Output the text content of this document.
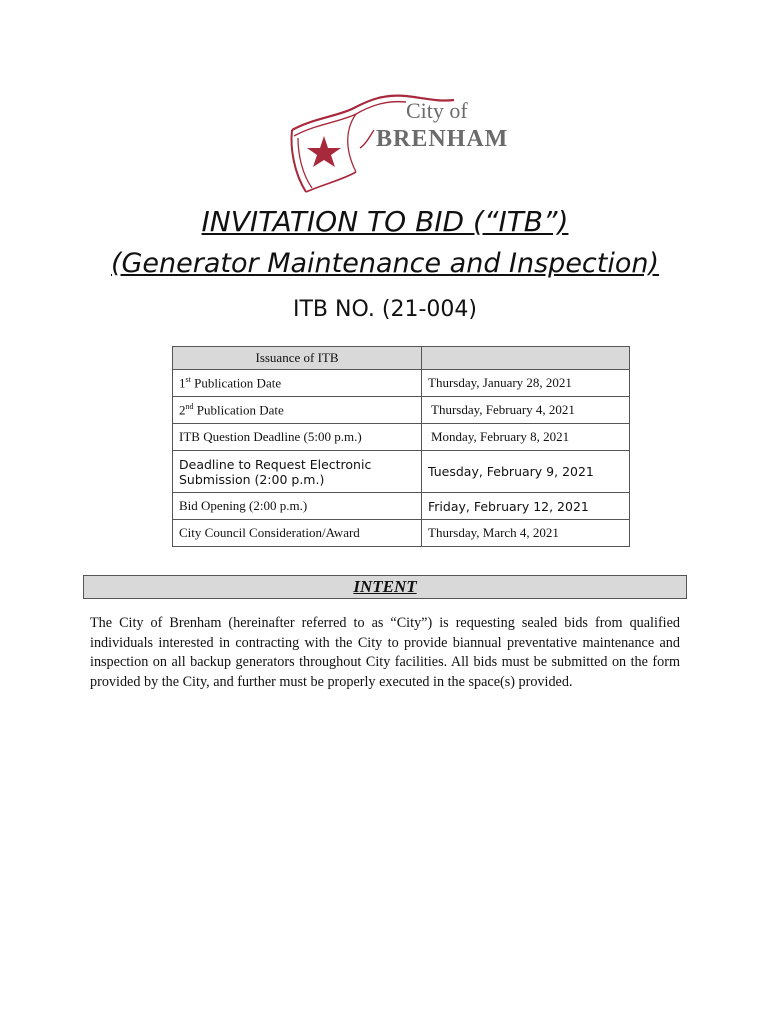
City of
BRENHAM
INVITATION TO BID (“ITB”)
(Generator Maintenance and Inspection)
ITB NO. (21-004)
Issuance of ITB	
1st Publication Date	Thursday, January 28, 2021
2nd Publication Date	Thursday, February 4, 2021
ITB Question Deadline (5:00 p.m.)	Monday, February 8, 2021

Deadline to Request Electronic
Submission (2:00 p.m.)	Tuesday, February 9, 2021
Bid Opening (2:00 p.m.)	Friday, February 12, 2021
City Council Consideration/Award	Thursday, March 4, 2021
INTENT
The City of Brenham (hereinafter referred to as “City”) is requesting sealed bids from qualified individuals interested in contracting with the City to provide biannual preventative maintenance and inspection on all backup generators throughout City facilities. All bids must be submitted on the form provided by the City, and further must be properly executed in the space(s) provided.
